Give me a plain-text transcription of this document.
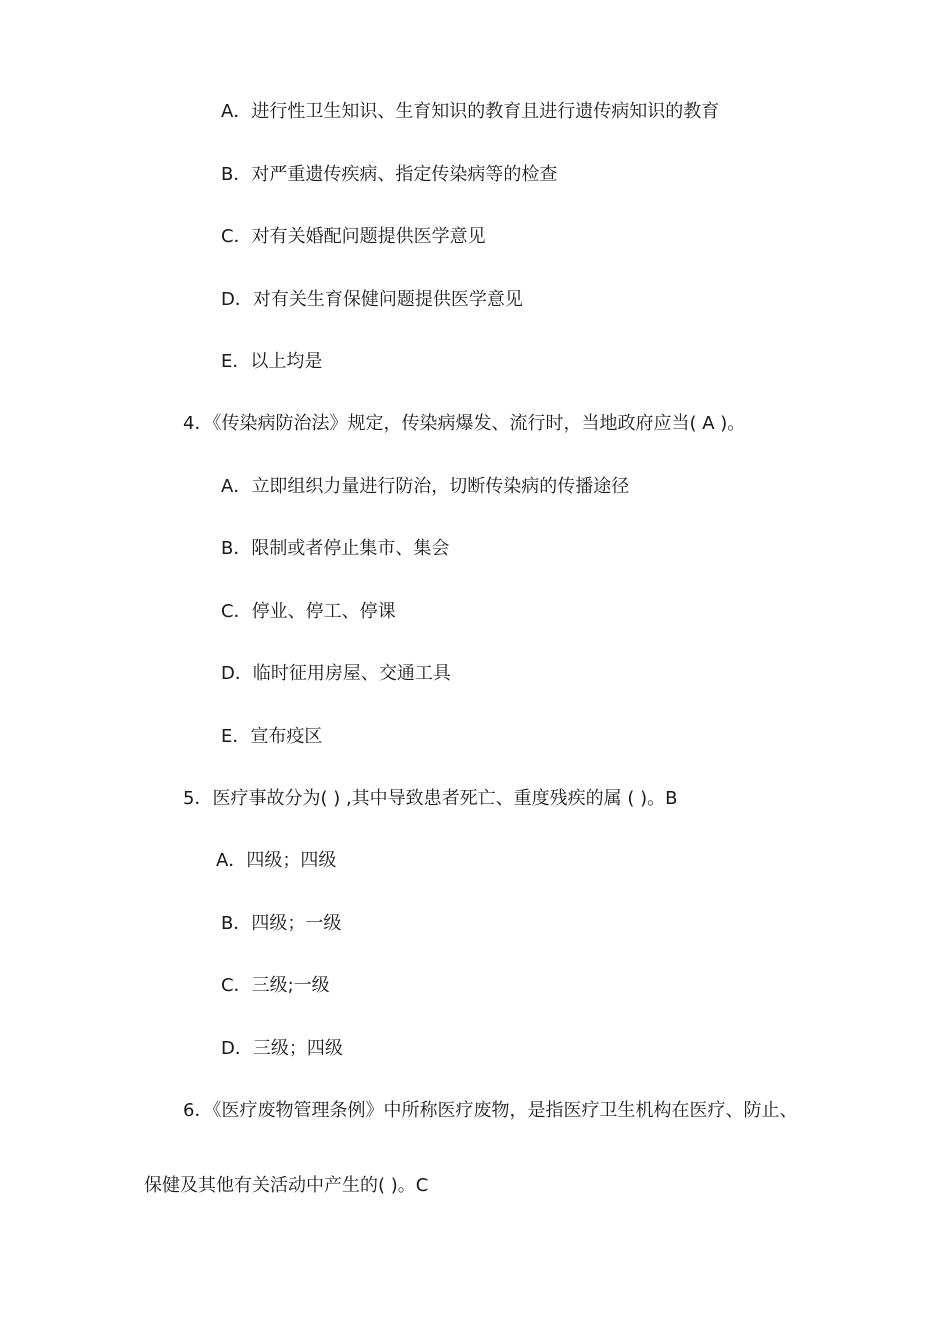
A．进行性卫生知识、生育知识的教育且进行遗传病知识的教育
B．对严重遗传疾病、指定传染病等的检查
C．对有关婚配问题提供医学意见
D．对有关生育保健问题提供医学意见
E．以上均是
4．《传染病防治法》规定，传染病爆发、流行时，当地政府应当( A )。
A．立即组织力量进行防治，切断传染病的传播途径
B．限制或者停止集市、集会
C．停业、停工、停课
D．临时征用房屋、交通工具
E．宣布疫区
5．医疗事故分为( ) ,其中导致患者死亡、重度残疾的属 ( )。B
A．四级；四级
B．四级；一级
C．三级;一级
D．三级；四级
6．《医疗废物管理条例》中所称医疗废物，是指医疗卫生机构在医疗、防止、
保健及其他有关活动中产生的( )。C
